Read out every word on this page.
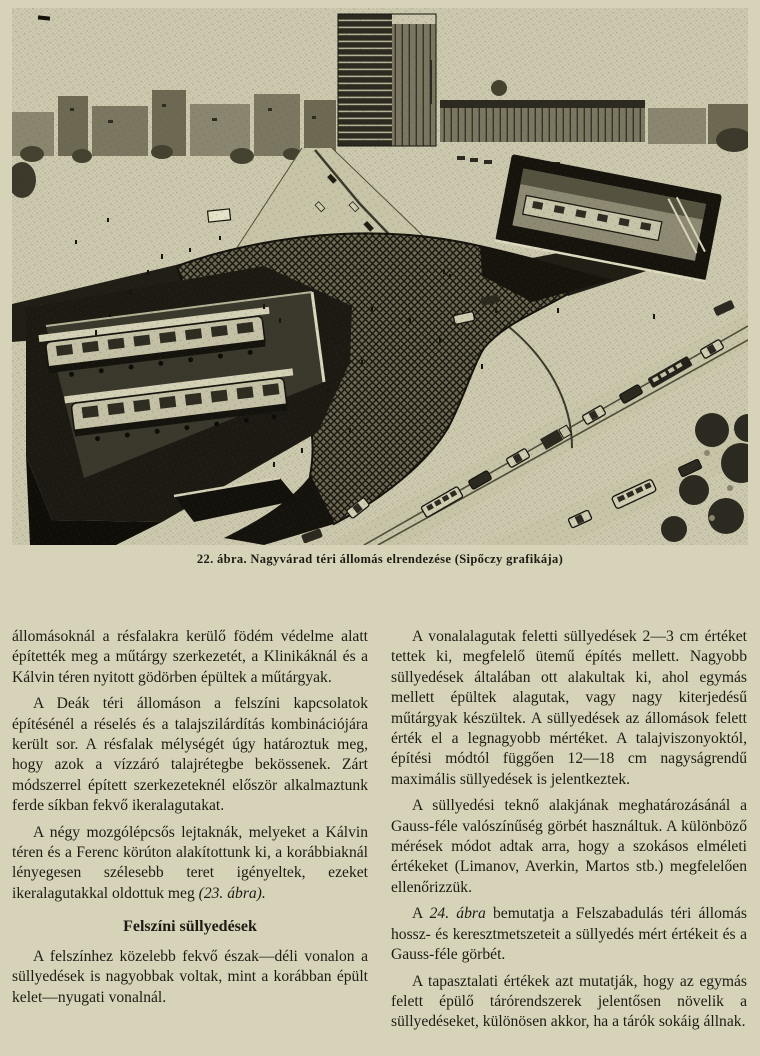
22. ábra. Nagyvárad téri állomás elrendezése (Sipőczy grafikája)

állomásoknál a résfalakra kerülő födém védelme alatt építették meg a műtárgy szerkezetét, a Klinikáknál és a Kálvin téren nyitott gödörben épültek a műtárgyak.

A Deák téri állomáson a felszíni kapcsolatok építésénél a réselés és a talajszilárdítás kombinációjára került sor. A résfalak mélységét úgy határoztuk meg, hogy azok a vízzáró talajrétegbe bekössenek. Zárt módszerrel épített szerkezeteknél először alkalmaztunk ferde síkban fekvő ikeralagutakat.

A négy mozgólépcsős lejtaknák, melyeket a Kálvin téren és a Ferenc körúton alakítottunk ki, a korábbiaknál lényegesen szélesebb teret igényeltek, ezeket ikeralagutakkal oldottuk meg (23. ábra).

Felszíni süllyedések

A felszínhez közelebb fekvő észak—déli vonalon a süllyedések is nagyobbak voltak, mint a korábban épült kelet—nyugati vonalnál.

A vonalalagutak feletti süllyedések 2—3 cm értéket tettek ki, megfelelő ütemű építés mellett. Nagyobb süllyedések általában ott alakultak ki, ahol egymás mellett épültek alagutak, vagy nagy kiterjedésű műtárgyak készültek. A süllyedések az állomások felett érték el a legnagyobb mértéket. A talajviszonyoktól, építési módtól függően 12—18 cm nagyságrendű maximális süllyedések is jelentkeztek.

A süllyedési teknő alakjának meghatározásánál a Gauss-féle valószínűség görbét használtuk. A különböző mérések módot adtak arra, hogy a szokásos elméleti értékeket (Limanov, Averkin, Martos stb.) megfelelően ellenőrizzük.

A 24. ábra bemutatja a Felszabadulás téri állomás hossz- és keresztmetszeteit a süllyedés mért értékeit és a Gauss-féle görbét.

A tapasztalati értékek azt mutatják, hogy az egymás felett épülő tárórendszerek jelentősen növelik a süllyedéseket, különösen akkor, ha a tárók sokáig állnak.
